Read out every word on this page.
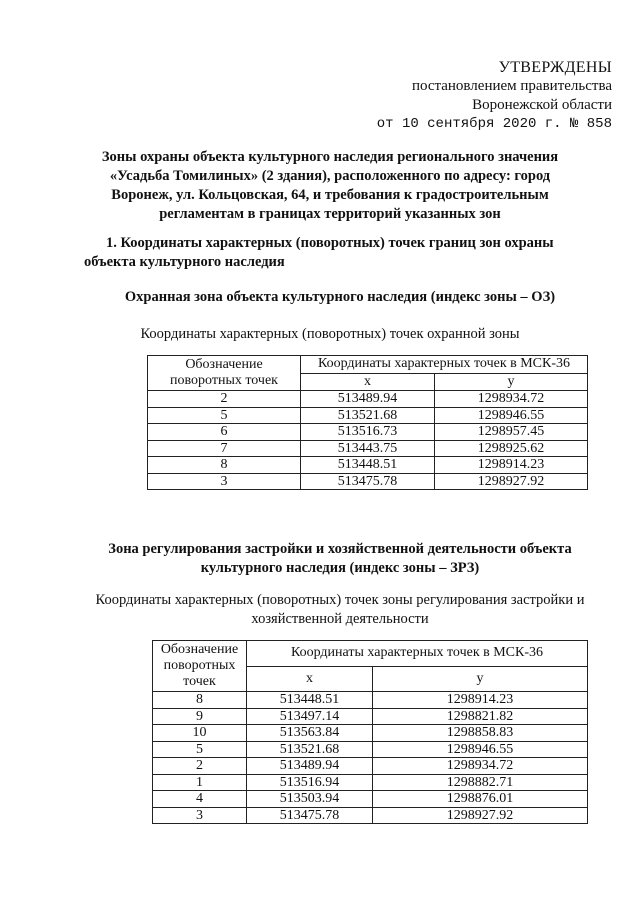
УТВЕРЖДЕНЫ
постановлением правительства
Воронежской области
от 10 сентября 2020 г. № 858
Зоны охраны объекта культурного наследия регионального значения
«Усадьба Томилиных» (2 здания), расположенного по адресу: город
Воронеж, ул. Кольцовская, 64, и требования к градостроительным
регламентам в границах территорий указанных зон
1. Координаты характерных (поворотных) точек границ зон охраны
объекта культурного наследия
Охранная зона объекта культурного наследия (индекс зоны – ОЗ)
Координаты характерных (поворотных) точек охранной зоны
Обозначение поворотных точек	Координаты характерных точек в МСК-36	
	x	y
2	513489.94	1298934.72
5	513521.68	1298946.55
6	513516.73	1298957.45
7	513443.75	1298925.62
8	513448.51	1298914.23
3	513475.78	1298927.92
Зона регулирования застройки и хозяйственной деятельности объекта
культурного наследия (индекс зоны – ЗРЗ)
Координаты характерных (поворотных) точек зоны регулирования застройки и
хозяйственной деятельности
Обозначение поворотных точек	Координаты характерных точек в МСК-36	
	x	y
8	513448.51	1298914.23
9	513497.14	1298821.82
10	513563.84	1298858.83
5	513521.68	1298946.55
2	513489.94	1298934.72
1	513516.94	1298882.71
4	513503.94	1298876.01
3	513475.78	1298927.92
